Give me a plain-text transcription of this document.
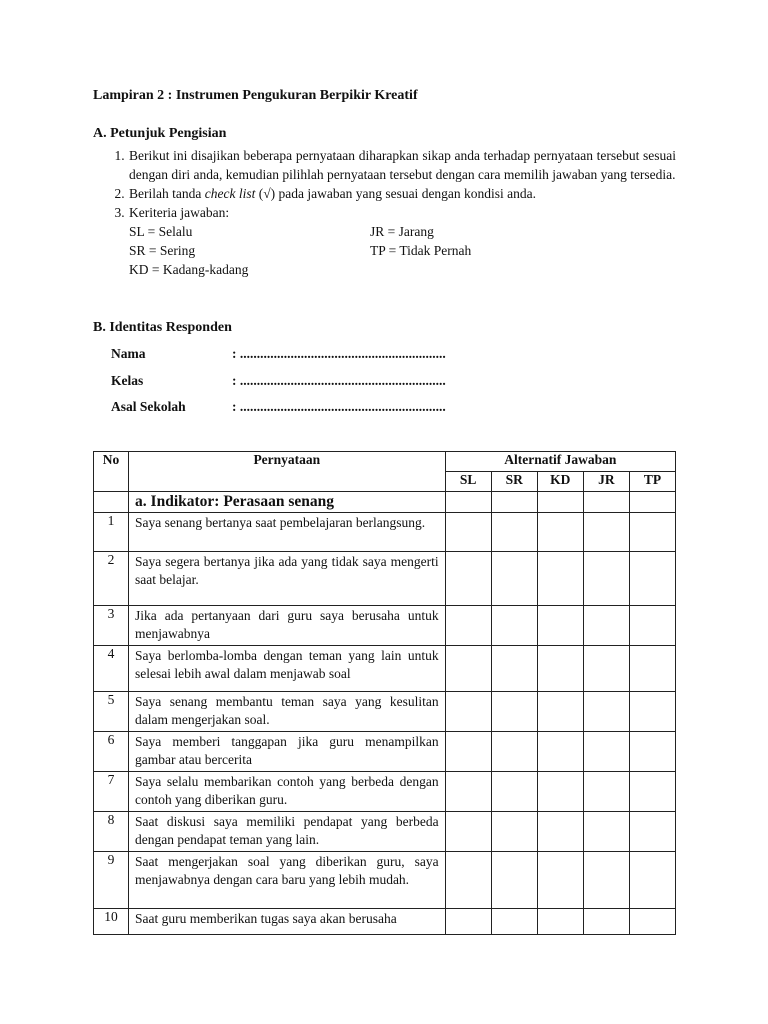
Lampiran 2 : Instrumen Pengukuran Berpikir Kreatif
A. Petunjuk Pengisian
1. Berikut ini disajikan beberapa pernyataan diharapkan sikap anda terhadap pernyataan tersebut sesuai dengan diri anda, kemudian pilihlah pernyataan tersebut dengan cara memilih jawaban yang tersedia.
2. Berilah tanda check list (√) pada jawaban yang sesuai dengan kondisi anda.
3. Keriteria jawaban:
SL = Selalu	JR = Jarang
SR = Sering	TP = Tidak Pernah
KD = Kadang-kadang
B. Identitas Responden
Nama	: .............................................................
Kelas	: .............................................................
Asal Sekolah	: .............................................................
No	Pernyataan	Alternatif Jawaban				
		SL	SR	KD	JR	TP
	a. Indikator: Perasaan senang					
1	Saya senang bertanya saat pembelajaran berlangsung.					
2	Saya segera bertanya jika ada yang tidak saya mengerti saat belajar.					
3	Jika ada pertanyaan dari guru saya berusaha untuk menjawabnya					
4	Saya berlomba-lomba dengan teman yang lain untuk selesai lebih awal dalam menjawab soal					
5	Saya senang membantu teman saya yang kesulitan dalam mengerjakan soal.					
6	Saya memberi tanggapan jika guru menampilkan gambar atau bercerita					
7	Saya selalu membarikan contoh yang berbeda dengan contoh yang diberikan guru.					
8	Saat diskusi saya memiliki pendapat yang berbeda dengan pendapat teman yang lain.					
9	Saat mengerjakan soal yang diberikan guru, saya menjawabnya dengan cara baru yang lebih mudah.					
10	Saat guru memberikan tugas saya akan berusaha					
